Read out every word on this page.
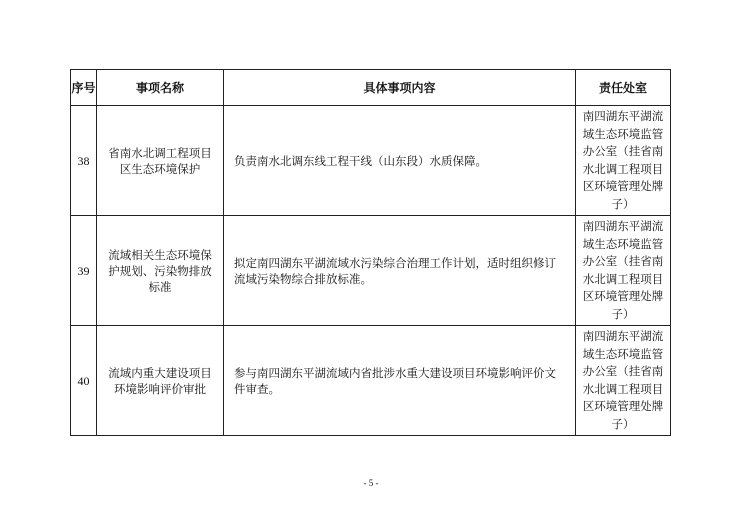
序号	事项名称	具体事项内容	责任处室
38	省南水北调工程项目区生态环境保护	负责南水北调东线工程干线（山东段）水质保障。	南四湖东平湖流域生态环境监管办公室（挂省南水北调工程项目区环境管理处牌子）
39	流域相关生态环境保护规划、污染物排放标准	拟定南四湖东平湖流域水污染综合治理工作计划，适时组织修订流域污染物综合排放标准。	南四湖东平湖流域生态环境监管办公室（挂省南水北调工程项目区环境管理处牌子）
40	流域内重大建设项目环境影响评价审批	参与南四湖东平湖流域内省批涉水重大建设项目环境影响评价文件审查。	南四湖东平湖流域生态环境监管办公室（挂省南水北调工程项目区环境管理处牌子）
- 5 -
